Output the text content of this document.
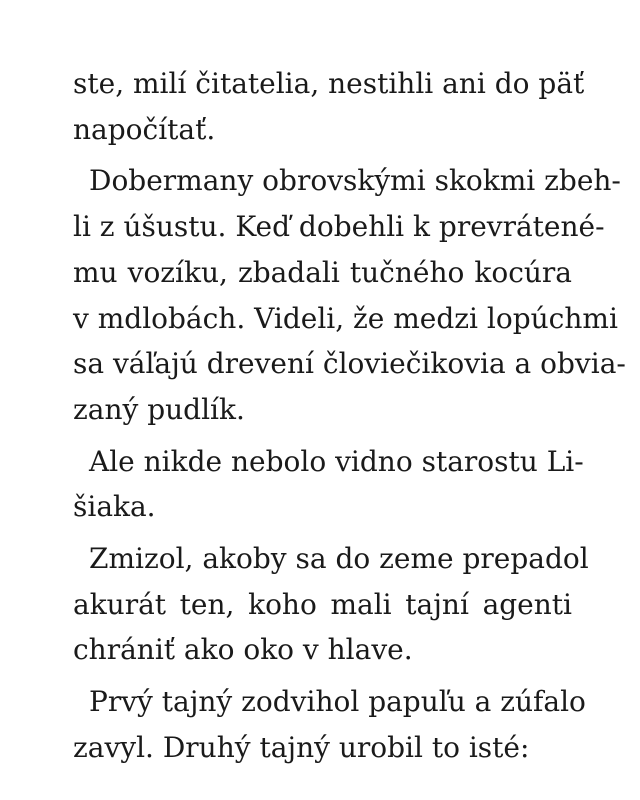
ste, milí čitatelia, nestihli ani do päť
napočítať.

Dobermany obrovskými skokmi zbeh-
li z úšustu. Keď dobehli k prevrátené-
mu vozíku, zbadali tučného kocúra
v mdlobách. Videli, že medzi lopúchmi
sa váľajú drevení človiečikovia a obvia-
zaný pudlík.

Ale nikde nebolo vidno starostu Li-
šiaka.

Zmizol, akoby sa do zeme prepadol
akurát ten, koho mali tajní agenti
chrániť ako oko v hlave.

Prvý tajný zodvihol papuľu a zúfalo
zavyl. Druhý tajný urobil to isté:
